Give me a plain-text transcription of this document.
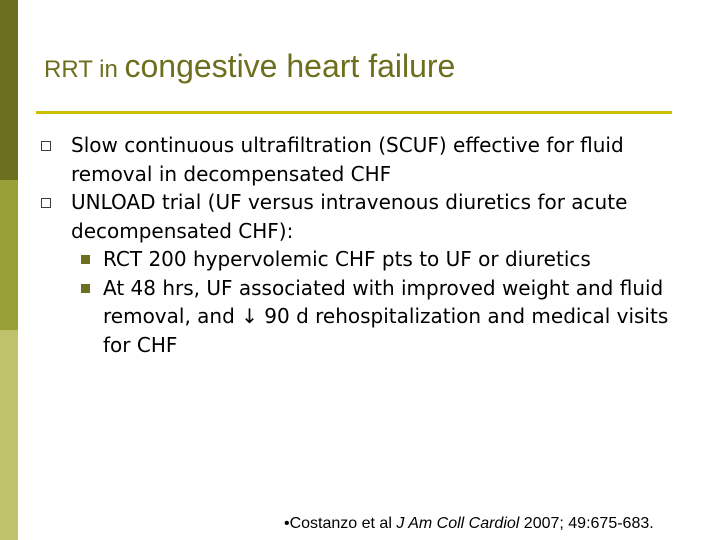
RRT in congestive heart failure
Slow continuous ultrafiltration (SCUF) effective for fluid removal in decompensated CHF
UNLOAD trial (UF versus intravenous diuretics for acute decompensated CHF):
RCT 200 hypervolemic CHF pts to UF or diuretics
At 48 hrs, UF associated with improved weight and fluid removal, and ↓ 90 d rehospitalization and medical visits for CHF
•Costanzo et al J Am Coll Cardiol 2007; 49:675-683.
